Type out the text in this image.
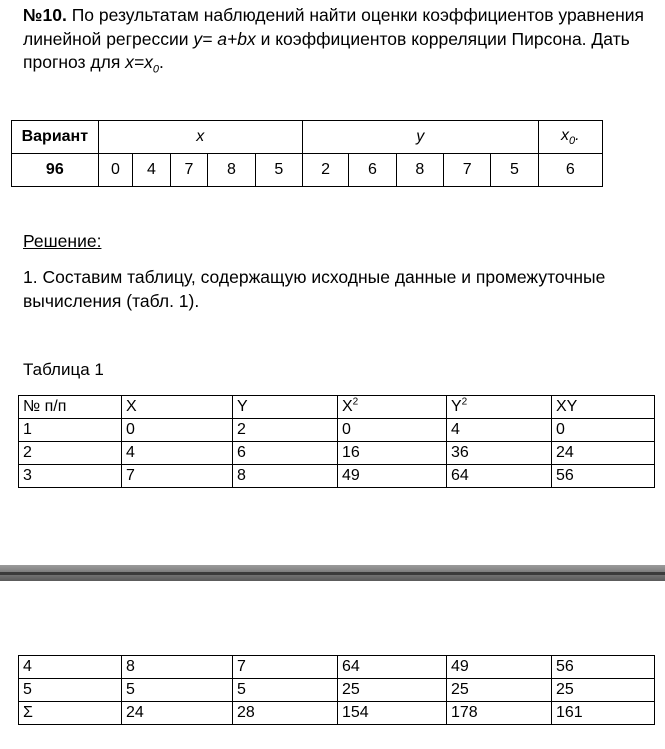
№10. По результатам наблюдений найти оценки коэффициентов уравнения линейной регрессии y= a+bx и коэффициентов корреляции Пирсона. Дать прогноз для $x=x_0$.
Вариант	x					y					$x_0$.
96	0	4	7	8	5	2	6	8	7	5	6
Решение:
1. Составим таблицу, содержащую исходные данные и промежуточные вычисления (табл. 1).
Таблица 1
№ п/п	X	Y	$X^2$	$Y^2$	XY
1	0	2	0	4	0
2	4	6	16	36	24
3	7	8	49	64	56
4	8	7	64	49	56
5	5	5	25	25	25
Σ	24	28	154	178	161
